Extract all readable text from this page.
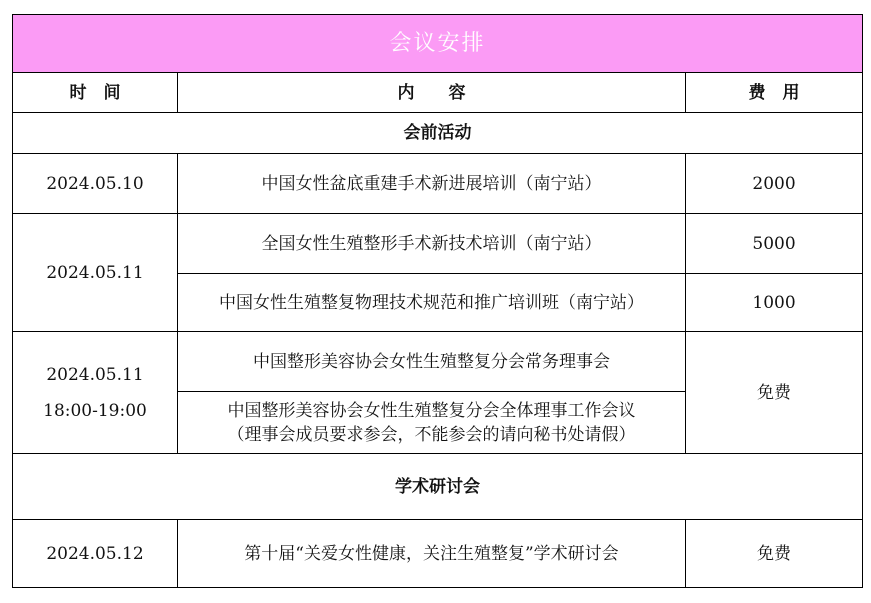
会议安排		
时　间	内　　容	费　用
会前活动		
2024.05.10	中国女性盆底重建手术新进展培训（南宁站）	2000
2024.05.11	全国女性生殖整形手术新技术培训（南宁站）	5000
	中国女性生殖整复物理技术规范和推广培训班（南宁站）	1000

2024.05.11
18:00-19:00	中国整形美容协会女性生殖整复分会常务理事会	免费

	中国整形美容协会女性生殖整复分会全体理事工作会议
（理事会成员要求参会，不能参会的请向秘书处请假）	

学术研讨会		
2024.05.12	第十届“关爱女性健康，关注生殖整复”学术研讨会	免费
